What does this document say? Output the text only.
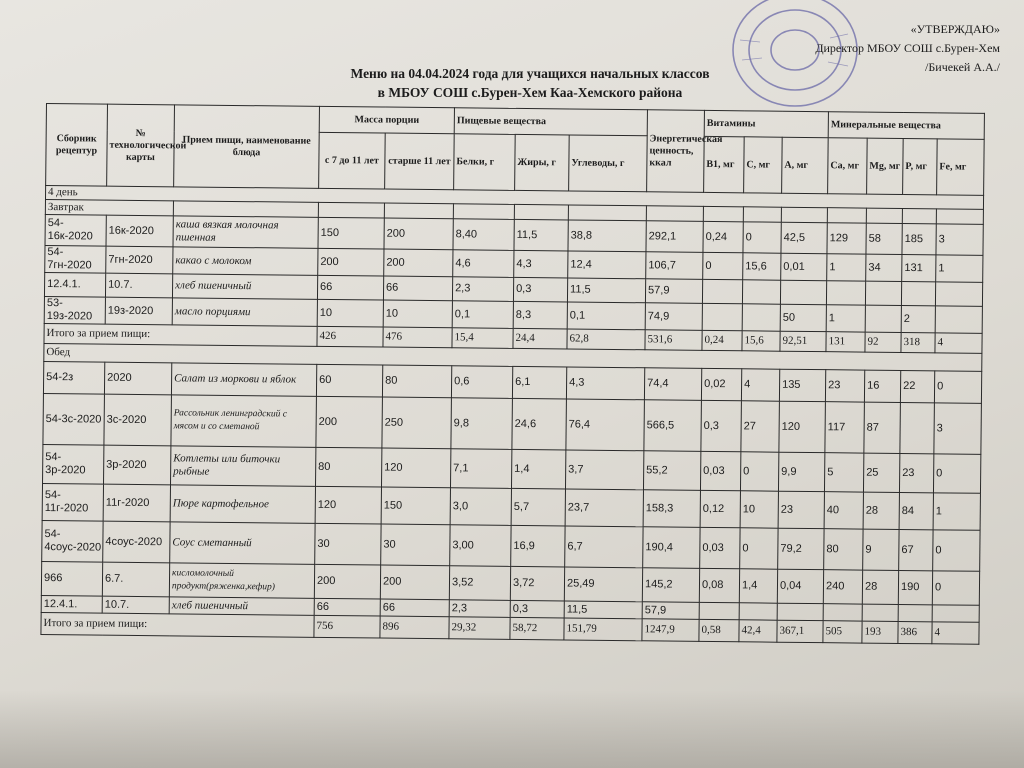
«УТВЕРЖДАЮ»
Директор МБОУ СОШ с.Бурен-Хем
/Бичекей А.А./
Меню на 04.04.2024 года для учащихся начальных классов
в МБОУ СОШ с.Бурен-Хем Каа-Хемского района
Сборник рецептур	№ технологической карты	Прием пищи, наименование блюда	Масса порции		Пищевые вещества			Энергетическая ценность, ккал	Витамины			Минеральные вещества			
			с 7 до 11 лет	старше 11 лет	Белки, г	Жиры, г	Углеводы, г		B1, мг	С, мг	А, мг	Ca, мг	Mg, мг	P, мг	Fe, мг
4 день															
Завтрак															
54-16к-2020	16к-2020	каша вязкая молочная пшенная	150	200	8,40	11,5	38,8	292,1	0,24	0	42,5	129	58	185	3
54-7гн-2020	7гн-2020	какао с молоком	200	200	4,6	4,3	12,4	106,7	0	15,6	0,01	1	34	131	1
12.4.1.	10.7.	хлеб пшеничный	66	66	2,3	0,3	11,5	57,9							
53-19з-2020	19з-2020	масло порциями	10	10	0,1	8,3	0,1	74,9			50	1		2	
Итого за прием пищи:			426	476	15,4	24,4	62,8	531,6	0,24	15,6	92,51	131	92	318	4
Обед															
54-2з	2020	Салат из моркови и яблок	60	80	0,6	6,1	4,3	74,4	0,02	4	135	23	16	22	0
54-3с-2020	3с-2020	Рассольник ленинградский с мясом и со сметаной	200	250	9,8	24,6	76,4	566,5	0,3	27	120	117	87		3
54-3р-2020	3р-2020	Котлеты или биточки рыбные	80	120	7,1	1,4	3,7	55,2	0,03	0	9,9	5	25	23	0
54-11г-2020	11г-2020	Пюре картофельное	120	150	3,0	5,7	23,7	158,3	0,12	10	23	40	28	84	1
54-4соус-2020	4соус-2020	Соус сметанный	30	30	3,00	16,9	6,7	190,4	0,03	0	79,2	80	9	67	0
966	6.7.	кисломолочный продукт(ряженка,кефир)	200	200	3,52	3,72	25,49	145,2	0,08	1,4	0,04	240	28	190	0
12.4.1.	10.7.	хлеб пшеничный	66	66	2,3	0,3	11,5	57,9							
Итого за прием пищи:			756	896	29,32	58,72	151,79	1247,9	0,58	42,4	367,1	505	193	386	4
